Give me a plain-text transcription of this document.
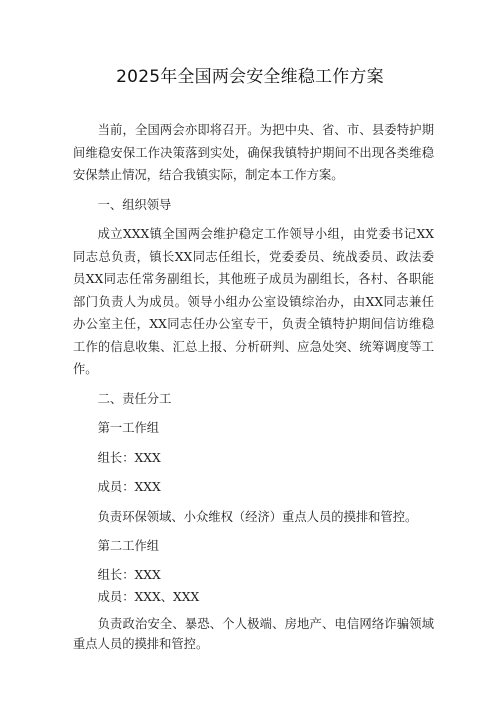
2025年全国两会安全维稳工作方案

当前，全国两会亦即将召开。为把中央、省、市、县委特护期间维稳安保工作决策落到实处，确保我镇特护期间不出现各类维稳安保禁止情况，结合我镇实际，制定本工作方案。

一、组织领导

成立XXX镇全国两会维护稳定工作领导小组，由党委书记XX同志总负责，镇长XX同志任组长，党委委员、统战委员、政法委员XX同志任常务副组长，其他班子成员为副组长，各村、各职能部门负责人为成员。领导小组办公室设镇综治办，由XX同志兼任办公室主任，XX同志任办公室专干，负责全镇特护期间信访维稳工作的信息收集、汇总上报、分析研判、应急处突、统筹调度等工作。

二、责任分工

第一工作组

组长：XXX

成员：XXX

负责环保领域、小众维权（经济）重点人员的摸排和管控。

第二工作组

组长：XXX

成员：XXX、XXX

负责政治安全、暴恐、个人极端、房地产、电信网络诈骗领域重点人员的摸排和管控。
